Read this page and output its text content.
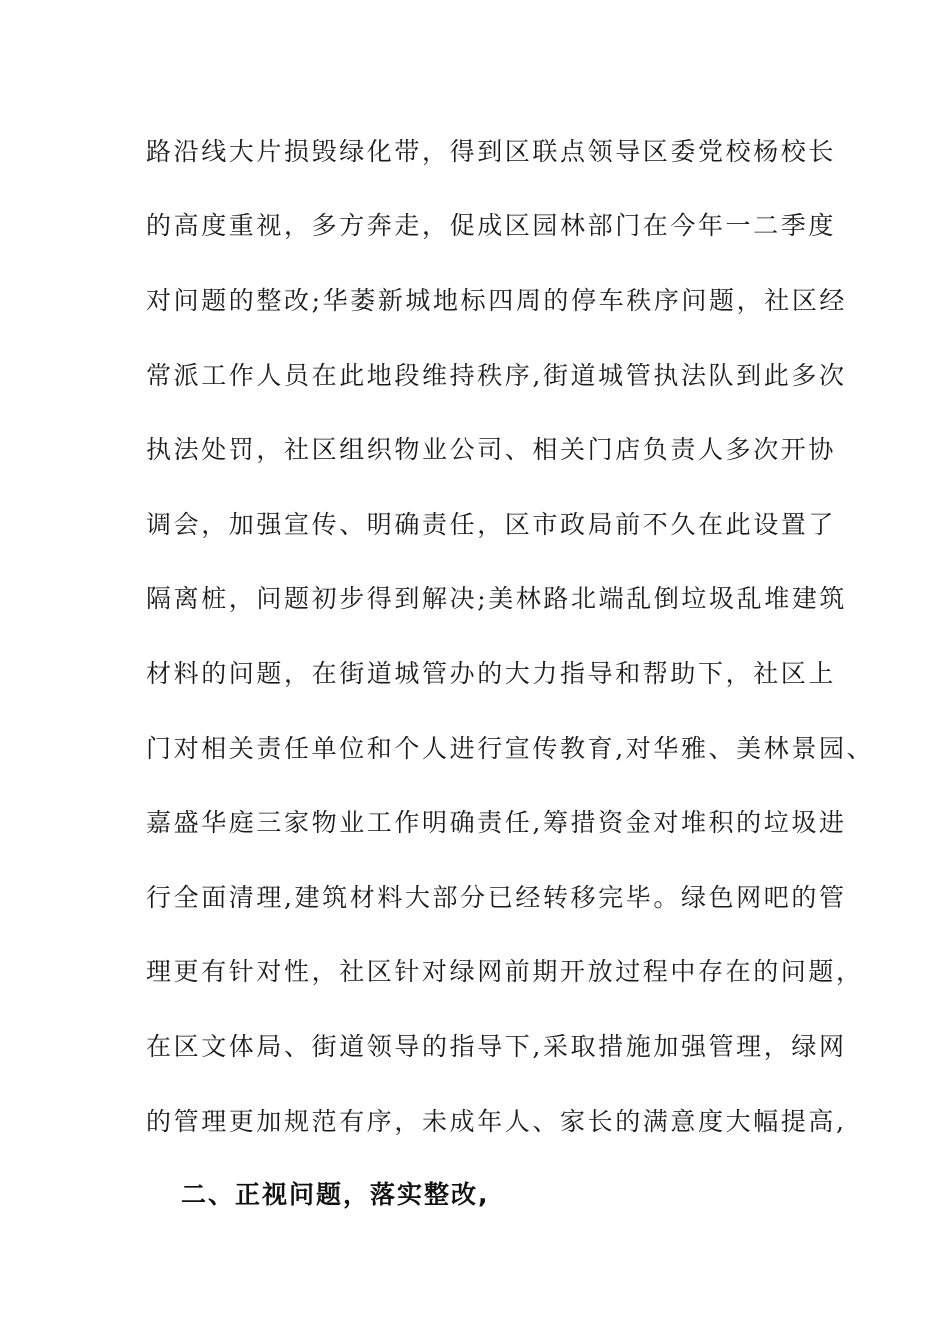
路沿线大片损毁绿化带，得到区联点领导区委党校杨校长
的高度重视，多方奔走，促成区园林部门在今年一二季度
对问题的整改;华萎新城地标四周的停车秩序问题，社区经
常派工作人员在此地段维持秩序,街道城管执法队到此多次
执法处罚，社区组织物业公司、相关门店负责人多次开协
调会，加强宣传、明确责任，区市政局前不久在此设置了
隔离桩，问题初步得到解决;美林路北端乱倒垃圾乱堆建筑
材料的问题，在街道城管办的大力指导和帮助下，社区上
门对相关责任单位和个人进行宣传教育,对华雅、美林景园、
嘉盛华庭三家物业工作明确责任,筹措资金对堆积的垃圾进
行全面清理,建筑材料大部分已经转移完毕。绿色网吧的管
理更有针对性，社区针对绿网前期开放过程中存在的问题，
在区文体局、街道领导的指导下,采取措施加强管理，绿网
的管理更加规范有序，未成年人、家长的满意度大幅提高,
二、正视问题，落实整改,
